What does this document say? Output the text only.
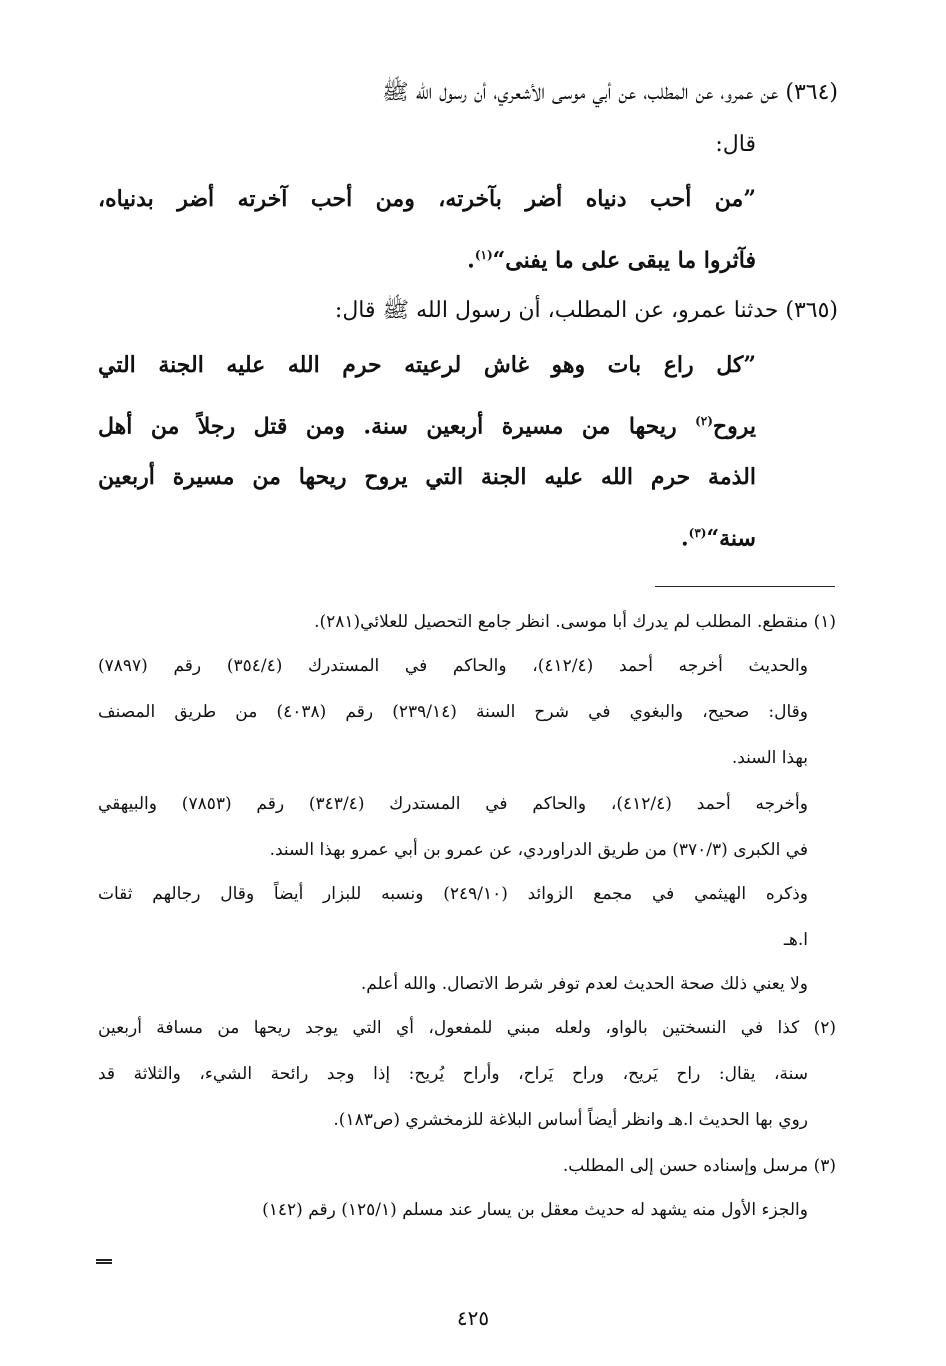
(٣٦٤) عن عمرو، عن المطلب، عن أبي موسى الأشعري، أن رسول الله ﷺ
قال:
”من أحب دنياه أضر بآخرته، ومن أحب آخرته أضر بدنياه،
فآثروا ما يبقى على ما يفنى“$^{(١)}$.
(٣٦٥) حدثنا عمرو، عن المطلب، أن رسول الله ﷺ قال:
”كل راع بات وهو غاش لرعيته حرم الله عليه الجنة التي
يروح$^{(٢)}$ ريحها من مسيرة أربعين سنة. ومن قتل رجلاً من أهل
الذمة حرم الله عليه الجنة التي يروح ريحها من مسيرة أربعين
سنة“$^{(٣)}$.
(١) منقطع. المطلب لم يدرك أبا موسى. انظر جامع التحصيل للعلائي(٢٨١).
والحديث أخرجه أحمد (٤١٢/٤)، والحاكم في المستدرك (٣٥٤/٤) رقم (٧٨٩٧)
وقال: صحيح، والبغوي في شرح السنة (٢٣٩/١٤) رقم (٤٠٣٨) من طريق المصنف
بهذا السند.
وأخرجه أحمد (٤١٢/٤)، والحاكم في المستدرك (٣٤٣/٤) رقم (٧٨٥٣) والبيهقي
في الكبرى (٣٧٠/٣) من طريق الدراوردي، عن عمرو بن أبي عمرو بهذا السند.
وذكره الهيثمي في مجمع الزوائد (٢٤٩/١٠) ونسبه للبزار أيضاً وقال رجالهم ثقات
ا.هـ
ولا يعني ذلك صحة الحديث لعدم توفر شرط الاتصال. والله أعلم.
(٢) كذا في النسختين بالواو، ولعله مبني للمفعول، أي التي يوجد ريحها من مسافة أربعين
سنة، يقال: راح يَريح، وراح يَراح، وأراح يُريح: إذا وجد رائحة الشيء، والثلاثة قد
روي بها الحديث ا.هـ وانظر أيضاً أساس البلاغة للزمخشري (ص١٨٣).
(٣) مرسل وإسناده حسن إلى المطلب.
والجزء الأول منه يشهد له حديث معقل بن يسار عند مسلم (١٢٥/١) رقم (١٤٢)
٤٢٥
